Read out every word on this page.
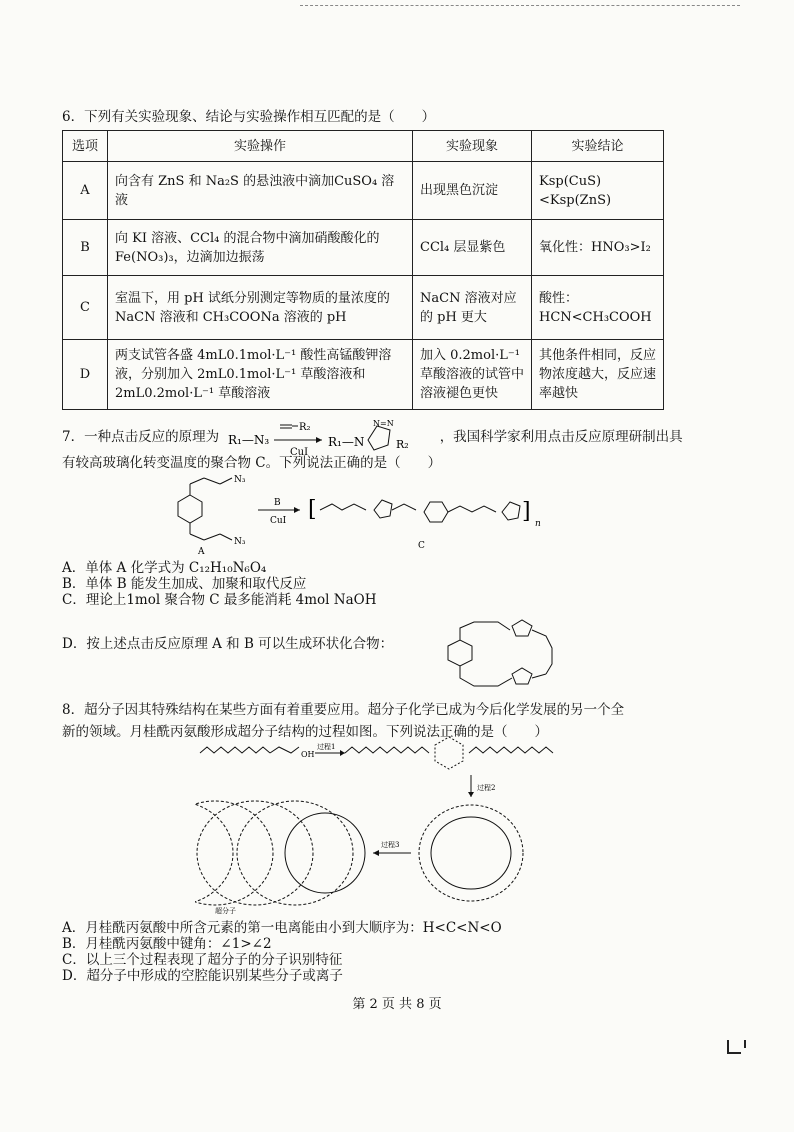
6．下列有关实验现象、结论与实验操作相互匹配的是（　　）

选项	实验操作	实验现象	实验结论
A	向含有 ZnS 和 Na₂S 的悬浊液中滴加CuSO₄ 溶液	出现黑色沉淀	Ksp(CuS)<Ksp(ZnS)
B	向 KI 溶液、CCl₄ 的混合物中滴加硝酸酸化的 Fe(NO₃)₃，边滴加边振荡	CCl₄ 层显紫色	氧化性：HNO₃>I₂
C	室温下，用 pH 试纸分别测定等物质的量浓度的 NaCN 溶液和 CH₃COONa 溶液的 pH	NaCN 溶液对应的 pH 更大	酸性：HCN<CH₃COOH
D	两支试管各盛 4mL0.1mol·L⁻¹ 酸性高锰酸钾溶液，分别加入 2mL0.1mol·L⁻¹ 草酸溶液和 2mL0.2mol·L⁻¹ 草酸溶液	加入 0.2mol·L⁻¹ 草酸溶液的试管中溶液褪色更快	其他条件相同，反应物浓度越大，反应速率越快

7．一种点击反应的原理为	，我国科学家利用点击反应原理研制出具

有较高玻璃化转变温度的聚合物 C。下列说法正确的是（　　）

R₁—N₃
R₂
CuI
R₁—N
N=N
R₂
N₃
N₃
A
B
CuI [	] n
C

A．单体 A 化学式为 C₁₂H₁₀N₆O₄

B．单体 B 能发生加成、加聚和取代反应

C．理论上1mol 聚合物 C 最多能消耗 4mol NaOH

D．按上述点击反应原理 A 和 B 可以生成环状化合物：

8．超分子因其特殊结构在某些方面有着重要应用。超分子化学已成为今后化学发展的另一个全

新的领域。月桂酰丙氨酸形成超分子结构的过程如图。下列说法正确的是（　　）

OH
过程1
过程2
过程3
超分子

A．月桂酰丙氨酸中所含元素的第一电离能由小到大顺序为：H<C<N<O

B．月桂酰丙氨酸中键角：∠1>∠2

C．以上三个过程表现了超分子的分子识别特征

D．超分子中形成的空腔能识别某些分子或离子

第 2 页 共 8 页
